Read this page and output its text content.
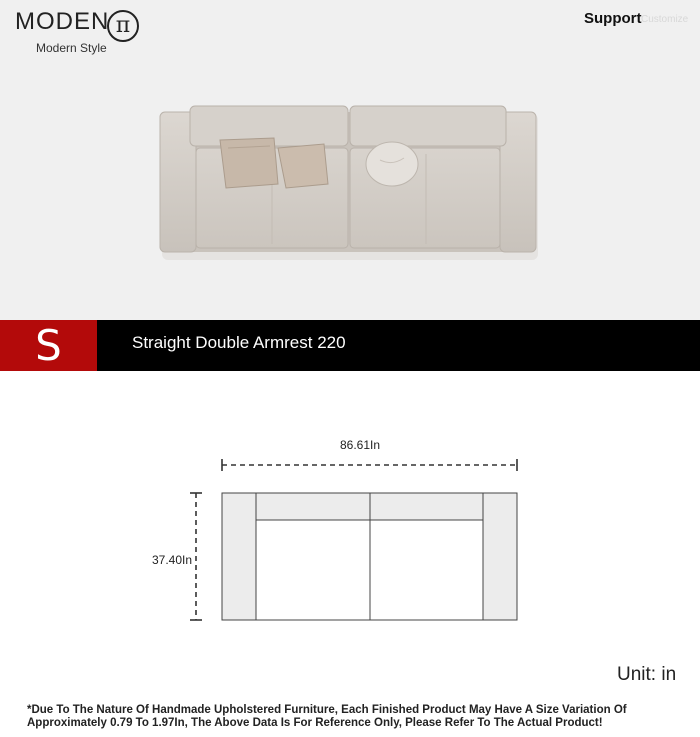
MODEN π
Modern Style
Support Customize
S	Straight Double Armrest 220
86.61In
37.40In
Unit: in
*Due To The Nature Of Handmade Upholstered Furniture, Each Finished Product May Have A Size Variation Of Approximately 0.79 To 1.97In, The Above Data Is For Reference Only, Please Refer To The Actual Product!
